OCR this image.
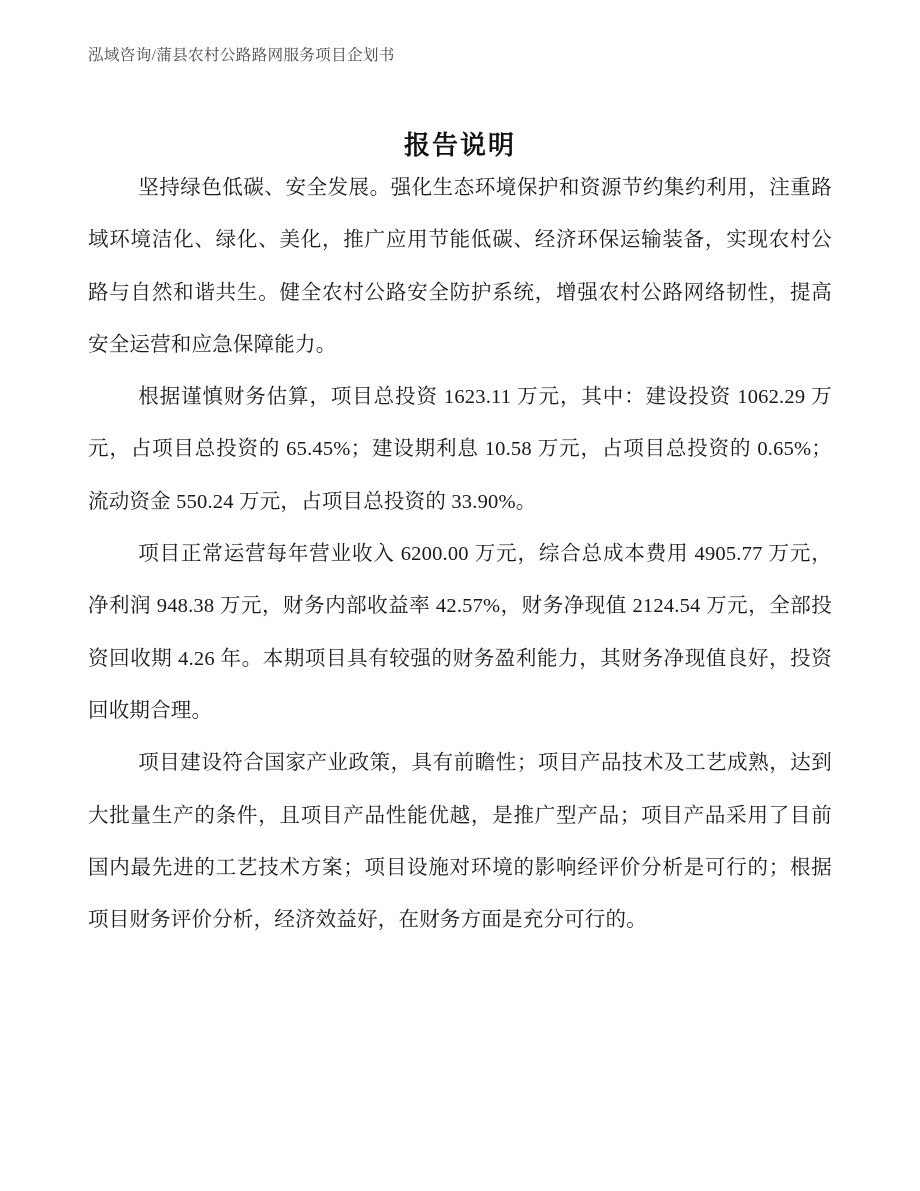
泓域咨询/蒲县农村公路路网服务项目企划书
报告说明

坚持绿色低碳、安全发展。强化生态环境保护和资源节约集约利用，注重路域环境洁化、绿化、美化，推广应用节能低碳、经济环保运输装备，实现农村公路与自然和谐共生。健全农村公路安全防护系统，增强农村公路网络韧性，提高安全运营和应急保障能力。

根据谨慎财务估算，项目总投资 1623.11 万元，其中：建设投资 1062.29 万元，占项目总投资的 65.45%；建设期利息 10.58 万元，占项目总投资的 0.65%；流动资金 550.24 万元，占项目总投资的 33.90%。

项目正常运营每年营业收入 6200.00 万元，综合总成本费用 4905.77 万元，净利润 948.38 万元，财务内部收益率 42.57%，财务净现值 2124.54 万元，全部投资回收期 4.26 年。本期项目具有较强的财务盈利能力，其财务净现值良好，投资回收期合理。

项目建设符合国家产业政策，具有前瞻性；项目产品技术及工艺成熟，达到大批量生产的条件，且项目产品性能优越，是推广型产品；项目产品采用了目前国内最先进的工艺技术方案；项目设施对环境的影响经评价分析是可行的；根据项目财务评价分析，经济效益好，在财务方面是充分可行的。
